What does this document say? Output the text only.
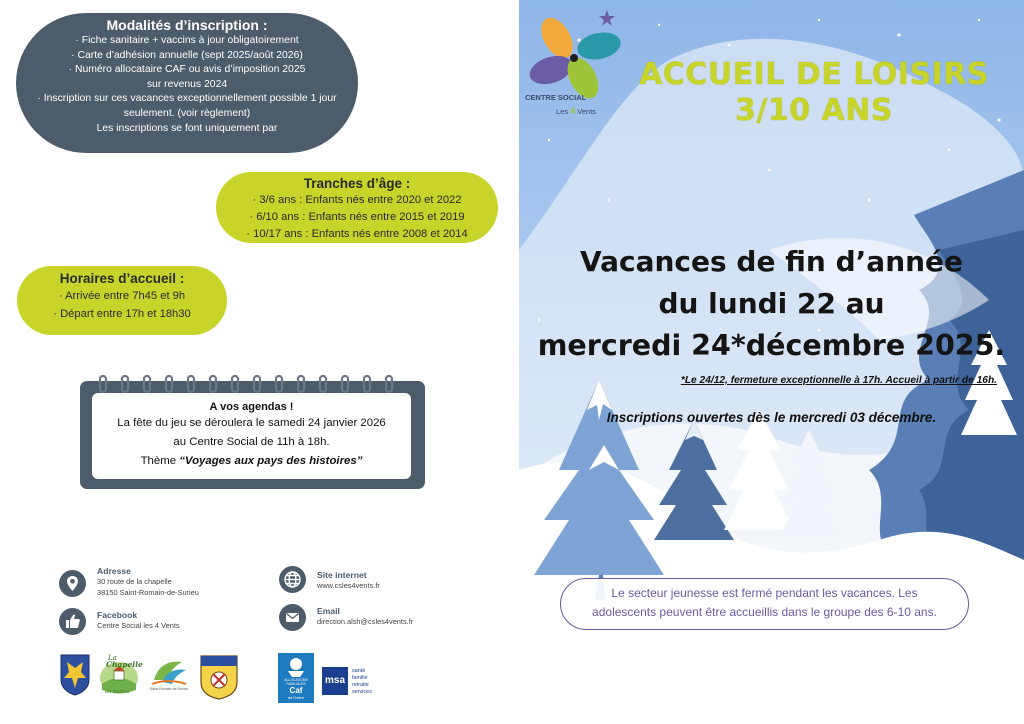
Modalités d’inscription :
· Fiche sanitaire + vaccins à jour obligatoirement
· Carte d’adhésion annuelle (sept 2025/août 2026)
· Numéro allocataire CAF ou avis d’imposition 2025
sur revenus 2024
· Inscription sur ces vacances exceptionnellement possible 1 jour
seulement. (voir règlement)
Les inscriptions se font uniquement par
Tranches d’âge :
· 3/6 ans : Enfants nés entre 2020 et 2022
· 6/10 ans : Enfants nés entre 2015 et 2019
· 10/17 ans : Enfants nés entre 2008 et 2014
Horaires d’accueil :
· Arrivée entre 7h45 et 9h
· Départ entre 17h et 18h30
A vos agendas !
La fête du jeu se déroulera le samedi 24 janvier 2026
au Centre Social de 11h à 18h.
Thème “Voyages aux pays des histoires”
Adresse
30 route de la chapelle
38150 Saint-Romain-de-Surieu
Facebook
Centre Social les 4 Vents
Site internet
www.csles4vents.fr
Email
direction.alsh@csles4vents.fr
La
Chapelle
de Surieu	Saint-Romain-de-Surieu
ALLOCATIONS FAMILIALES
Caf
de l’Isère
msa
santé
famille
retraite
services
CENTRE SOCIAL
Les 4 Vents
ACCUEIL DE LOISIRS
3/10 ANS
Vacances de fin d’année
du lundi 22 au
mercredi 24*décembre 2025.
*Le 24/12, fermeture exceptionnelle à 17h. Accueil à partir de 16h.
Inscriptions ouvertes dès le mercredi 03 décembre.
Le secteur jeunesse est fermé pendant les vacances. Les
adolescents peuvent être accueillis dans le groupe des 6-10 ans.
